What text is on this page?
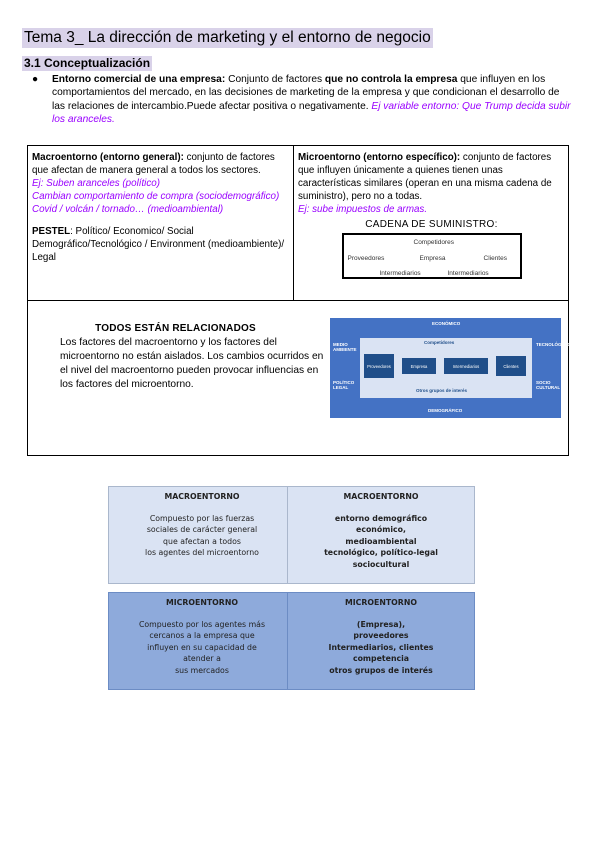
Tema 3_ La dirección de marketing y el entorno de negocio
3.1 Conceptualización
● Entorno comercial de una empresa: Conjunto de factores que no controla la empresa que influyen en los comportamientos del mercado, en las decisiones de marketing de la empresa y que condicionan el desarrollo de las relaciones de intercambio.Puede afectar positiva o negativamente. Ej variable entorno: Que Trump decida subir los aranceles.
Macroentorno (entorno general): conjunto de factores que afectan de manera general a todos los sectores.
Ej: Suben aranceles (político)
Cambian comportamiento de compra (sociodemográfico)
Covid / volcán / tornado… (medioambiental)
PESTEL: Político/ Economico/ Social Demográfico/Tecnológico / Environment (medioambiente)/ Legal
Microentorno (entorno específico): conjunto de factores que influyen únicamente a quienes tienen unas características similares (operan en una misma cadena de suministro), pero no a todas.
Ej: sube impuestos de armas.
CADENA DE SUMINISTRO:
Competidores
Proveedores	Empresa	Clientes
Intermediarios	Intermediarios
TODOS ESTÁN RELACIONADOS
Los factores del macroentorno y los factores del microentorno no están aislados. Los cambios ocurridos en el nivel del macroentorno pueden provocar influencias en los factores del microentorno.
ECONÓMICO
DEMOGRÁFICO
MEDIO AMBIENTE
POLÍTICO LEGAL
TECNOLÓGICO
SOCIO CULTURAL
Competidores
Proveedores	Empresa	Intermediarios	Clientes
Otros grupos de interés
MACROENTORNO
Compuesto por las fuerzas
sociales de carácter general
que afectan a todos
los agentes del microentorno
MACROENTORNO
entorno demográfico
económico,
medioambiental
tecnológico, político-legal
sociocultural
MICROENTORNO
Compuesto por los agentes más
cercanos a la empresa que
influyen en su capacidad de
atender a
sus mercados
MICROENTORNO
(Empresa),
proveedores
Intermediarios, clientes
competencia
otros grupos de interés
